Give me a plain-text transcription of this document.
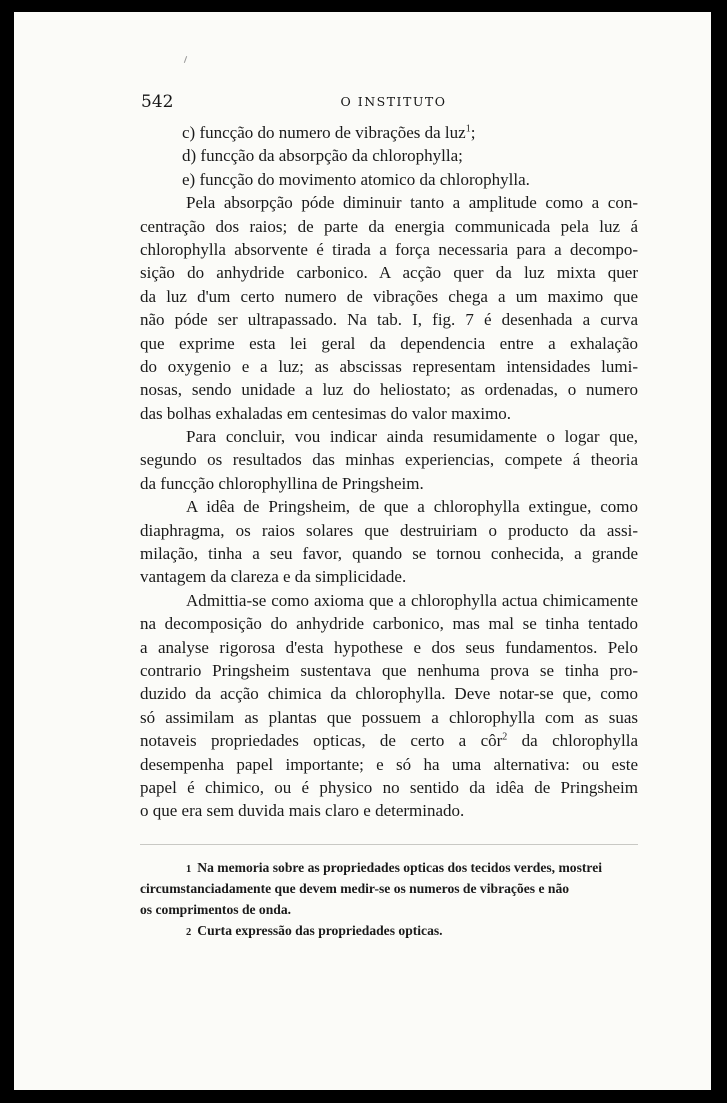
542	O INSTITUTO
c) funcção do numero de vibrações da luz$^1$;
d) funcção da absorpção da chlorophylla;
e) funcção do movimento atomico da chlorophylla.
Pela absorpção póde diminuir tanto a amplitude como a con-
centração dos raios; de parte da energia communicada pela luz á
chlorophylla absorvente é tirada a força necessaria para a decompo-
sição do anhydride carbonico. A acção quer da luz mixta quer
da luz d'um certo numero de vibrações chega a um maximo que
não póde ser ultrapassado. Na tab. I, fig. 7 é desenhada a curva
que exprime esta lei geral da dependencia entre a exhalação
do oxygenio e a luz; as abscissas representam intensidades lumi-
nosas, sendo unidade a luz do heliostato; as ordenadas, o numero
das bolhas exhaladas em centesimas do valor maximo.
Para concluir, vou indicar ainda resumidamente o logar que,
segundo os resultados das minhas experiencias, compete á theoria
da funcção chlorophyllina de Pringsheim.
A idêa de Pringsheim, de que a chlorophylla extingue, como
diaphragma, os raios solares que destruiriam o producto da assi-
milação, tinha a seu favor, quando se tornou conhecida, a grande
vantagem da clareza e da simplicidade.
Admittia-se como axioma que a chlorophylla actua chimicamente
na decomposição do anhydride carbonico, mas mal se tinha tentado
a analyse rigorosa d'esta hypothese e dos seus fundamentos. Pelo
contrario Pringsheim sustentava que nenhuma prova se tinha pro-
duzido da acção chimica da chlorophylla. Deve notar-se que, como
só assimilam as plantas que possuem a chlorophylla com as suas
notaveis propriedades opticas, de certo a côr$^2$ da chlorophylla
desempenha papel importante; e só ha uma alternativa: ou este
papel é chimico, ou é physico no sentido da idêa de Pringsheim
o que era sem duvida mais claro e determinado.
1 Na memoria sobre as propriedades opticas dos tecidos verdes, mostrei
circumstanciadamente que devem medir-se os numeros de vibrações e não
os comprimentos de onda.
2 Curta expressão das propriedades opticas.
